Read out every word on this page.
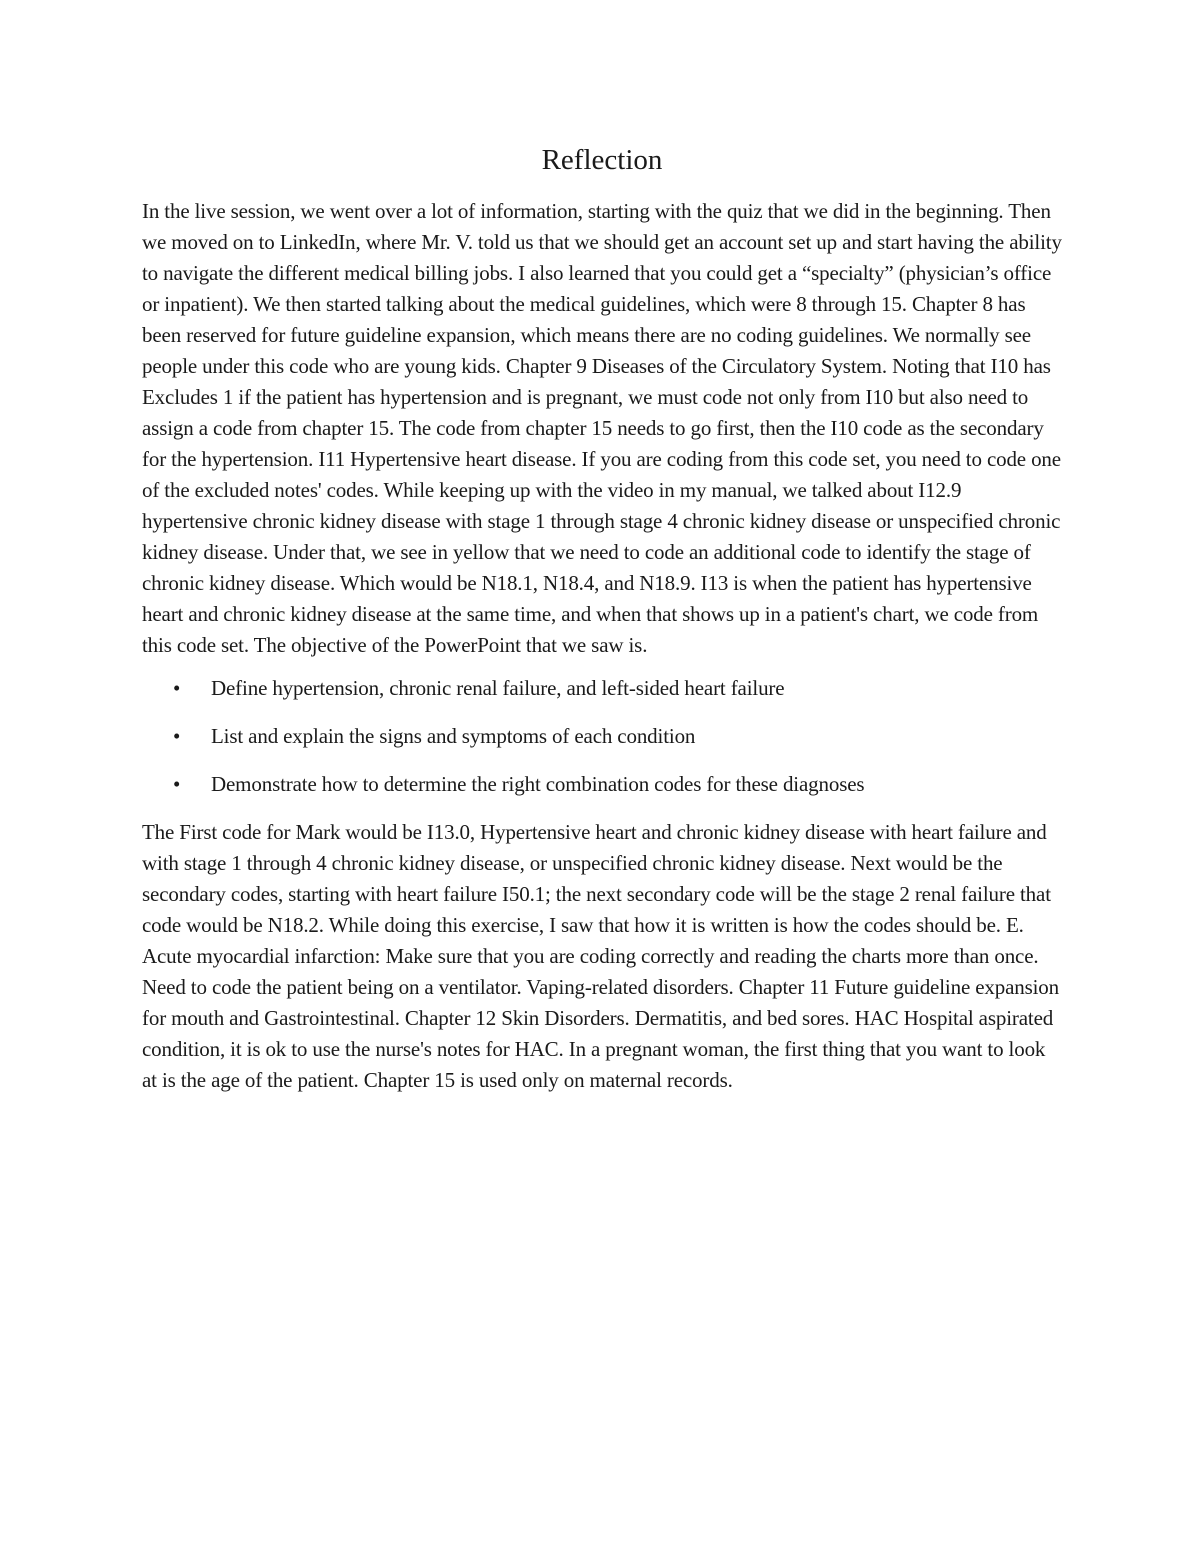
Reflection

In the live session, we went over a lot of information, starting with the quiz that we did in the beginning. Then we moved on to LinkedIn, where Mr. V. told us that we should get an account set up and start having the ability to navigate the different medical billing jobs. I also learned that you could get a “specialty” (physician’s office or inpatient). We then started talking about the medical guidelines, which were 8 through 15. Chapter 8 has been reserved for future guideline expansion, which means there are no coding guidelines. We normally see people under this code who are young kids. Chapter 9 Diseases of the Circulatory System. Noting that I10 has Excludes 1 if the patient has hypertension and is pregnant, we must code not only from I10 but also need to assign a code from chapter 15. The code from chapter 15 needs to go first, then the I10 code as the secondary for the hypertension. I11 Hypertensive heart disease. If you are coding from this code set, you need to code one of the excluded notes' codes. While keeping up with the video in my manual, we talked about I12.9 hypertensive chronic kidney disease with stage 1 through stage 4 chronic kidney disease or unspecified chronic kidney disease. Under that, we see in yellow that we need to code an additional code to identify the stage of chronic kidney disease. Which would be N18.1, N18.4, and N18.9. I13 is when the patient has hypertensive heart and chronic kidney disease at the same time, and when that shows up in a patient's chart, we code from this code set. The objective of the PowerPoint that we saw is.

• Define hypertension, chronic renal failure, and left-sided heart failure
• List and explain the signs and symptoms of each condition
• Demonstrate how to determine the right combination codes for these diagnoses

The First code for Mark would be I13.0, Hypertensive heart and chronic kidney disease with heart failure and with stage 1 through 4 chronic kidney disease, or unspecified chronic kidney disease. Next would be the secondary codes, starting with heart failure I50.1; the next secondary code will be the stage 2 renal failure that code would be N18.2. While doing this exercise, I saw that how it is written is how the codes should be. E. Acute myocardial infarction: Make sure that you are coding correctly and reading the charts more than once. Need to code the patient being on a ventilator. Vaping-related disorders. Chapter 11 Future guideline expansion for mouth and Gastrointestinal. Chapter 12 Skin Disorders. Dermatitis, and bed sores. HAC Hospital aspirated condition, it is ok to use the nurse's notes for HAC. In a pregnant woman, the first thing that you want to look at is the age of the patient. Chapter 15 is used only on maternal records.
